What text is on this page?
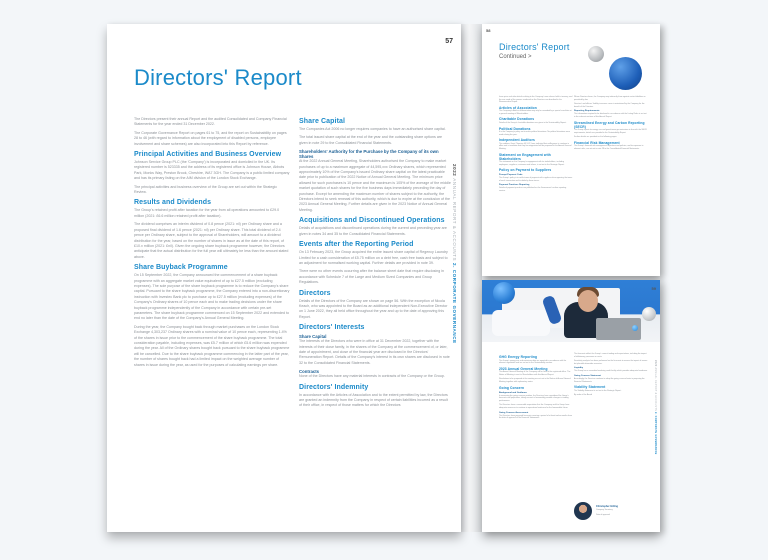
57
Directors' Report

The Directors present their annual Report and the audited Consolidated and Company Financial Statements for the year ended 31 December 2022.

The Corporate Governance Report on pages 61 to 75, and the report on Sustainability on pages 28 to 46 (with regard to information about the employment of disabled persons, employee involvement and share schemes) are also incorporated into this Report by reference.

Principal Activities and Business Overview

Johnson Service Group PLC (the 'Company') is incorporated and domiciled in the UK. Its registered number is 523335 and the address of its registered office is Johnson House, Abbots Park, Monks Way, Preston Brook, Cheshire, WA7 3GH. The Company is a public limited company and has its primary listing on the AIM division of the London Stock Exchange.

The principal activities and business overview of the Group are set out within the Strategic Review.

Results and Dividends

The Group's retained profit after taxation for the year from all operations amounted to £29.0 million (2021: £6.6 million retained profit after taxation).

The dividend comprises an interim dividend of 0.8 pence (2021: nil) per Ordinary share and a proposed final dividend of 1.6 pence (2021: nil) per Ordinary share. This total dividend of 2.4 pence per Ordinary share, subject to the approval of Shareholders, will amount to a dividend distribution for the year, based on the number of shares in issue as at the date of this report, of £10.x million (2021: £nil). Given the ongoing share buyback programme however, the Directors anticipate that the actual distribution for the full year will ultimately be less than the amount stated above.

Share Buyback Programme

On 15 September 2022, the Company announced the commencement of a share buyback programme with an aggregate market value equivalent of up to £27.5 million (excluding expenses). The sole purpose of the share buyback programme is to reduce the Company's share capital. Pursuant to the share buyback programme, the Company entered into a non-discretionary instruction with Investec Bank plc to purchase up to £27.5 million (excluding expenses) of the Company's Ordinary shares of 10 pence each and to make trading decisions under the share buyback programme independently of the Company in accordance with certain pre-set parameters. The share buyback programme commenced on 15 September 2022 and extended to end no later than the date of the Company's Annual General Meeting.

During the year, the Company bought back through market purchases on the London Stock Exchange 4,303,237 Ordinary shares with a nominal value of 10 pence each, representing 1.4% of the shares in issue prior to the commencement of the share buyback programme. The total consideration payable, including expenses, was £5.7 million of which £5.6 million was expended during the year. All of the Ordinary shares bought back pursuant to the share buyback programme will be cancelled. Due to the share buyback programme commencing in the latter part of the year, the number of shares bought back had a limited impact on the weighted average number of shares in issue during the year, as used for the purposes of calculating earnings per share.

Share Capital

The Companies Act 2006 no longer requires companies to have an authorised share capital.

The total issued share capital at the end of the year and the outstanding share options are given in note 29 to the Consolidated Financial Statements.

Shareholders' Authority for the Purchase by the Company of its own Shares

At the 2022 Annual General Meeting, Shareholders authorised the Company to make market purchases of up to a maximum aggregate of 44,595,xxx Ordinary shares, which represented approximately 10% of the Company's issued Ordinary share capital on the latest practicable date prior to publication of the 2022 Notice of Annual General Meeting. The minimum price allowed for such purchases is 10 pence and the maximum is 105% of the average of the middle market quotation of such shares for the five business days immediately preceding the day of purchase. Except for amending the maximum number of shares subject to the authority, the Directors intend to seek renewal of this authority, which is due to expire at the conclusion of the 2023 Annual General Meeting. Further details are given in the 2023 Notice of Annual General Meeting.

Acquisitions and Discontinued Operations

Details of acquisitions and discontinued operations during the current and preceding year are given in notes 34 and 35 to the Consolidated Financial Statements.

Events after the Reporting Period

On 13 February 2023, the Group acquired the entire issued share capital of Regency Laundry Limited for a cash consideration of £5.75 million on a debt free, cash free basis and subject to an adjustment for normalised working capital. Further details are provided in note 39.

There were no other events occurring after the balance sheet date that require disclosing in accordance with Schedule 7 of the Large and Medium Sized Companies and Group Regulations.

Directors

Details of the Directors of the Company are shown on page 56. With the exception of Nicola Keach, who was appointed to the Board as an additional independent Non-Executive Director on 1 June 2022, they all held office throughout the year and up to the date of approving this Report.

Directors' Interests
Share Capital

The interests of the Directors who were in office at 31 December 2022, together with the interests of their close family, in the shares of the Company at the commencement of, or later, date of appointment, and close of the financial year are disclosed in the Directors' Remuneration Report. Details of the Company's interest in its own shares are disclosed in note 32 to the Consolidated Financial Statements.

Contracts

None of the Directors have any material interests in contracts of the Company or the Group.

Directors' Indemnity

In accordance with the Articles of Association and to the extent permitted by law, the Directors are granted an indemnity from the Company in respect of certain liabilities incurred as a result of their office, in respect of those matters for which the Directors

2022 ANNUAL REPORT & ACCOUNTS 2. CORPORATE GOVERNANCE
58
Directors' Report
Continued >

Issue price and other details relating to the Company's own shares held in treasury, and the use made of the powers conferred on the Directors are described in the Remuneration Report.

Articles of Association

The Company's Articles of Association may only be amended by a special resolution at a general meeting of Shareholders.

Charitable Donations

Details of the Group's charitable donations are given in the Sustainability Report.

Political Donations

It is the Company's policy not to make political donations. No political donations were made during the year.

Independent Auditors

The auditors, Grant Thornton UK LLP, have indicated their willingness to continue in office and a resolution that they be reappointed will be proposed at the Annual General Meeting.

Statement on Engagement with Stakeholders

The statement on the Company's engagement with its stakeholders, including employees, suppliers, customers and others, is set out in the Strategic Report.

Policy on Payment to Suppliers
Prompt Payment Code

The Group's policy is to settle terms of payment with suppliers when agreeing the terms of each transaction and to abide by those terms.

Payment Practices Reporting

Details of payment practices are published on the Government's online reporting service.

Where Directors leave, the Company may indemnify them against certain liabilities as permitted by law.

Directors' and officers' liability insurance cover is maintained by the Company for the benefit of the Directors.

Reporting Requirements

The information required to be disclosed in accordance with the Listing Rules is set out in the relevant sections of this Annual Report.

Streamlined Energy and Carbon Reporting (SECR)

The Group reports its energy use and greenhouse gas emissions in line with the SECR requirements; details are provided in the Sustainability Report.

Further details are provided on the following pages.

Financial Risk Management

The Group's financial risk management objectives and policies, and its exposure to relevant risks, are set out in note 28 to the Consolidated Financial Statements.

59
GHG Energy Reporting

The Group's energy use and emissions data are reported in accordance with the relevant regulations and are set out in the Sustainability section.

2023 Annual General Meeting

The Annual General Meeting of the Company will be held at the registered office. The Notice of Meeting is sent to Shareholders with this Annual Report.

Resolutions to be proposed at the meeting are set out in the Notice of Annual General Meeting together with explanatory notes.

Going Concern
Background and Guidance

In assessing the going concern position, the Directors have considered the Group's forecasts and projections, taking account of reasonably possible changes in trading performance.

The Directors have a reasonable expectation that the Company and the Group have adequate resources to continue in operational existence for the foreseeable future.

Going Concern Assessment

The Directors have prepared forecasts covering a period of at least twelve months from the date of approval of the Financial Statements.

The forecasts reflect the Group's current trading and expectations, including the impact of inflationary pressures on costs.

Sensitivity analysis has been performed on the forecasts to assess the impact of severe but plausible downside scenarios.

Liquidity

The Group has a committed revolving credit facility which provides adequate headroom.

Going Concern Statement

Accordingly, the Directors continue to adopt the going concern basis in preparing the Financial Statements.

Viability Statement

The Viability Statement is set out in the Strategic Report.

By order of the Board

Christopher Girling
Company Secretary
Date of approval
2022 ANNUAL REPORT & ACCOUNTS 2. CORPORATE GOVERNANCE
